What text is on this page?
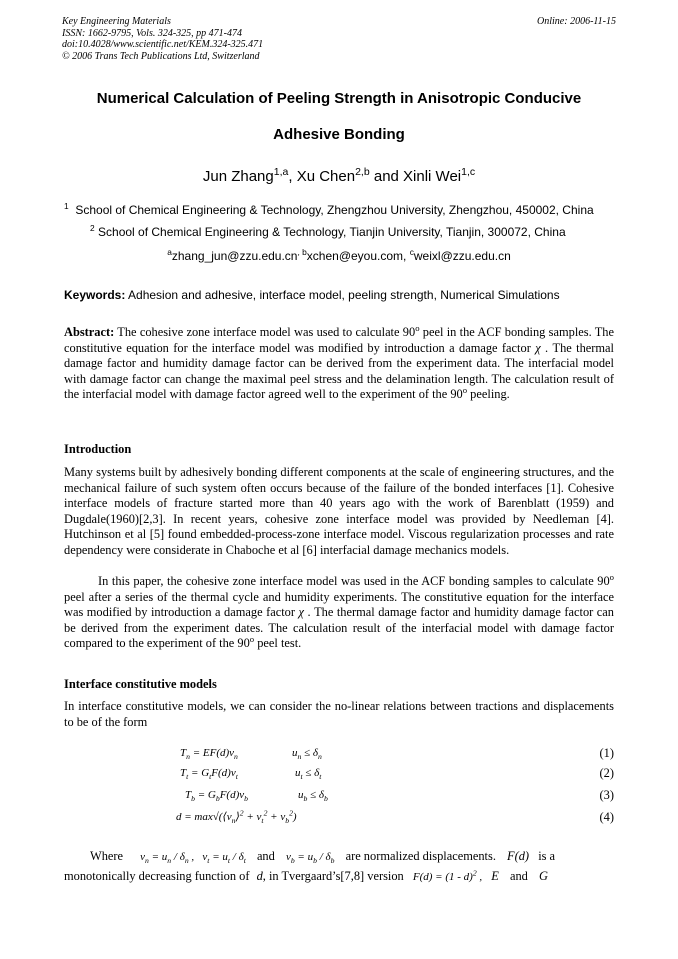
Key Engineering Materials
ISSN: 1662-9795, Vols. 324-325, pp 471-474
doi:10.4028/www.scientific.net/KEM.324-325.471
© 2006 Trans Tech Publications Ltd, Switzerland
Online: 2006-11-15
Numerical Calculation of Peeling Strength in Anisotropic Conducive
Adhesive Bonding
Jun Zhang$^{1,a}$, Xu Chen$^{2,b}$ and Xinli Wei$^{1,c}$
$^1$ School of Chemical Engineering & Technology, Zhengzhou University, Zhengzhou, 450002, China
$^2$ School of Chemical Engineering & Technology, Tianjin University, Tianjin, 300072, China
$^azhang\_jun@zzu.edu.cn^{, b}xchen@eyou.com$, $^c$weixl@zzu.edu.cn
Keywords: Adhesion and adhesive, interface model, peeling strength, Numerical Simulations
Abstract: The cohesive zone interface model was used to calculate 90$^o$ peel in the ACF bonding samples. The constitutive equation for the interface model was modified by introduction a damage factor χ . The thermal damage factor and humidity damage factor can be derived from the experiment data. The interfacial model with damage factor can change the maximal peel stress and the delamination length. The calculation result of the interfacial model with damage factor agreed well to the experiment of the 90$^o$ peeling.
Introduction
Many systems built by adhesively bonding different components at the scale of engineering structures, and the mechanical failure of such system often occurs because of the failure of the bonded interfaces [1]. Cohesive interface models of fracture started more than 40 years ago with the work of Barenblatt (1959) and Dugdale(1960)[2,3]. In recent years, cohesive zone interface model was provided by Needleman [4]. Hutchinson et al [5] found embedded-process-zone interface model. Viscous regularization processes and rate dependency were considerate in Chaboche et al [6] interfacial damage mechanics models.
In this paper, the cohesive zone interface model was used in the ACF bonding samples to calculate 90$^o$ peel after a series of the thermal cycle and humidity experiments. The constitutive equation for the interface was modified by introduction a damage factor χ . The thermal damage factor and humidity damage factor can be derived from the experiment dates. The calculation result of the interfacial model with damage factor compared to the experiment of the 90$^o$ peel test.
Interface constitutive models
In interface constitutive models, we can consider the no-linear relations between tractions and displacements to be of the form
$T_n = EF(d)v_n$	$u_n \le \delta_n$	(1)
$T_t = G_tF(d)v_t$	$u_t \le \delta_t$	(2)
$T_b = G_bF(d)v_b$	$u_b \le \delta_b$	(3)
$d = \max√(⟨v_n⟩^2 + v_t^2 + v_b^2)$	(4)
Where $v_n = u_n / \delta_n$ ,   $v_t = u_t / \delta_t$ and $v_b = u_b / \delta_b$ are normalized displacements. F(d) is a
monotonically decreasing function of d, in Tvergaard’s[7,8] version F(d) = (1 - d)$^2$ , E and G
